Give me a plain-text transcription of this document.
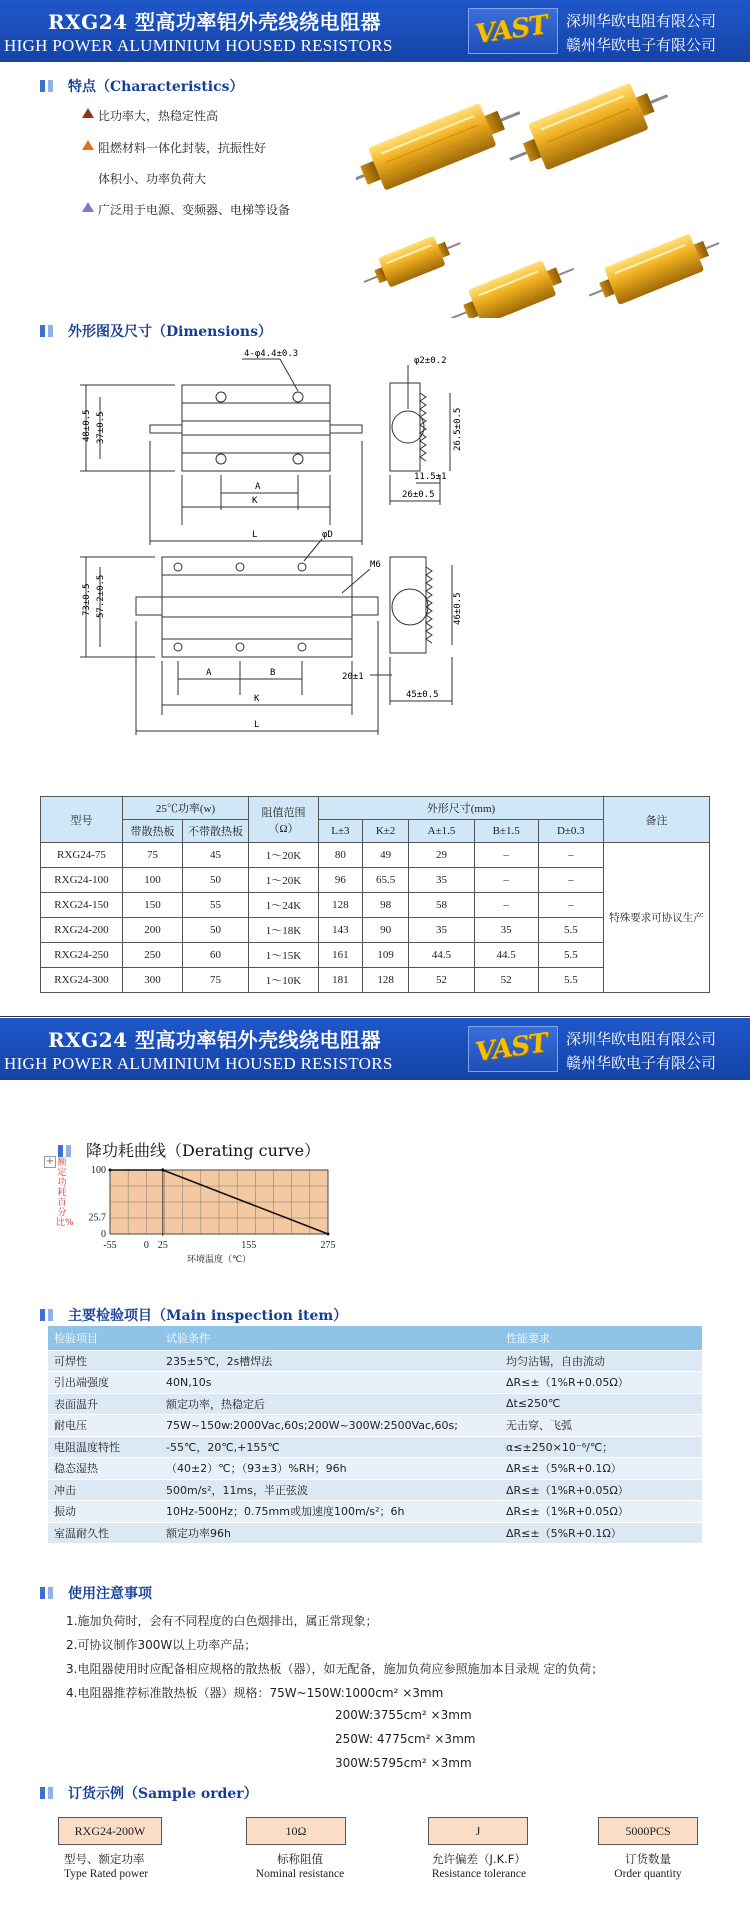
RXG24 型高功率铝外壳线绕电阻器
HIGH POWER ALUMINIUM HOUSED RESISTORS	VAST 深圳华欧电阻有限公司
赣州华欧电子有限公司
特点（Characteristics）
比功率大，热稳定性高
阻燃材料一体化封装，抗振性好
体积小、功率负荷大
广泛用于电源、变频器、电梯等设备
外形图及尺寸（Dimensions）
4-φ4.4±0.3
φ2±0.2
48±0.5 37±0.5	26.5±0.5
11.5±1
26±0.5
A
K
L	φD
M6
73±0.5 57.2±0.5	46±0.5
20±1
45±0.5
A	B
K
L
型号	25℃功率(w)		阻值范围
（Ω）	外形尺寸(mm)					备注
	带散热板	不带散热板		L±3	K±2	A±1.5	B±1.5	D±0.3	
RXG24-75	75	45	1～20K	80	49	29	–	–	特殊要求可协议生产
RXG24-100	100	50	1～20K	96	65.5	35	–	–	
RXG24-150	150	55	1～24K	128	98	58	–	–	
RXG24-200	200	50	1～18K	143	90	35	35	5.5	
RXG24-250	250	60	1～15K	161	109	44.5	44.5	5.5	
RXG24-300	300	75	1～10K	181	128	52	52	5.5	
RXG24 型高功率铝外壳线绕电阻器
HIGH POWER ALUMINIUM HOUSED RESISTORS	VAST 深圳华欧电阻有限公司
赣州华欧电子有限公司
降功耗曲线（Derating curve）
+ 额定功耗百分比%
-55	0 25	155	275
100
25.7
0
环境温度（℃）
主要检验项目（Main inspection item）
检验项目	试验条件	性能要求
可焊性	235±5℃，2s槽焊法	均匀沾锡，自由流动
引出端强度	40N,10s	ΔR≤±（1%R+0.05Ω）
表面温升	额定功率，热稳定后	Δt≤250℃
耐电压	75W~150w:2000Vac,60s;200W~300W:2500Vac,60s;	无击穿、飞弧
电阻温度特性	-55℃，20℃,+155℃	α≤±250×10⁻⁶/℃；
稳态湿热	（40±2）℃；（93±3）%RH；96h	ΔR≤±（5%R+0.1Ω）
冲击	500m/s²，11ms，半正弦波	ΔR≤±（1%R+0.05Ω）
振动	10Hz-500Hz；0.75mm或加速度100m/s²；6h	ΔR≤±（1%R+0.05Ω）
室温耐久性	额定功率96h	ΔR≤±（5%R+0.1Ω）
使用注意事项
1.施加负荷时，会有不同程度的白色烟排出，属正常现象；
2.可协议制作300W以上功率产品；
3.电阻器使用时应配备相应规格的散热板（器），如无配备，施加负荷应参照施加本目录规 定的负荷；
4.电阻器推荐标准散热板（器）规格：75W~150W:1000cm² ×3mm
200W:3755cm² ×3mm
250W: 4775cm² ×3mm
300W:5795cm² ×3mm
订货示例（Sample order）
RXG24-200W	10Ω	J	5000PCS
型号、额定功率
Type Rated power
标称阻值
Nominal resistance
允许偏差（J.K.F）
Resistance tolerance
订货数量
Order quantity
